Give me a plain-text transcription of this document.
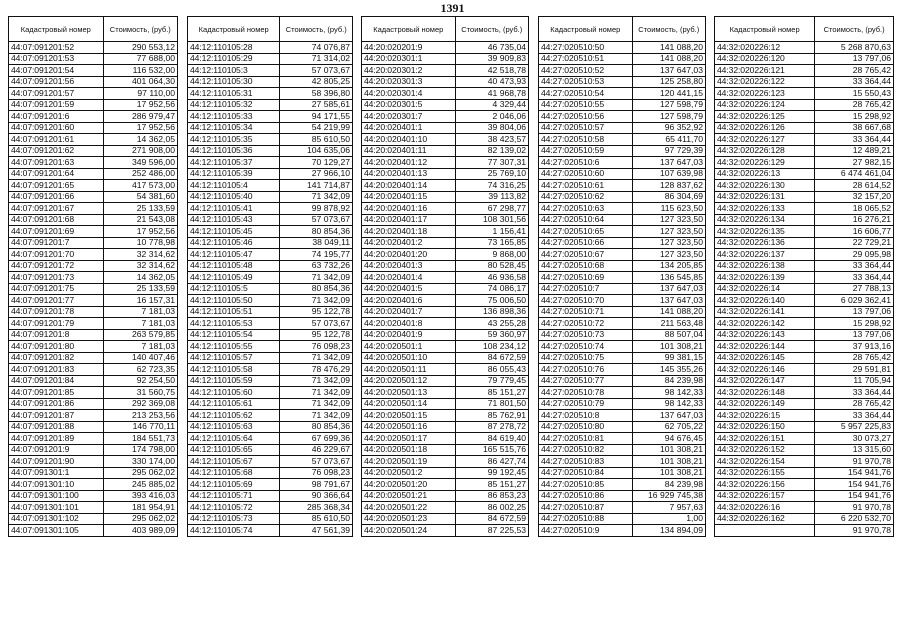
1391
Кадастровый номер	Стоимость, (руб.)
44:07:091201:52	290 553,12
44:07:091201:53	77 688,00
44:07:091201:54	116 532,00
44:07:091201:56	401 064,30
44:07:091201:57	97 110,00
44:07:091201:59	17 952,56
44:07:091201:6	286 979,47
44:07:091201:60	17 952,56
44:07:091201:61	14 362,05
44:07:091201:62	271 908,00
44:07:091201:63	349 596,00
44:07:091201:64	252 486,00
44:07:091201:65	417 573,00
44:07:091201:66	54 381,60
44:07:091201:67	25 133,59
44:07:091201:68	21 543,08
44:07:091201:69	17 952,56
44:07:091201:7	10 778,98
44:07:091201:70	32 314,62
44:07:091201:72	32 314,62
44:07:091201:73	14 362,05
44:07:091201:75	25 133,59
44:07:091201:77	16 157,31
44:07:091201:78	7 181,03
44:07:091201:79	7 181,03
44:07:091201:8	263 579,85
44:07:091201:80	7 181,03
44:07:091201:82	140 407,46
44:07:091201:83	62 723,35
44:07:091201:84	92 254,50
44:07:091201:85	31 560,75
44:07:091201:86	292 369,08
44:07:091201:87	213 253,56
44:07:091201:88	146 770,11
44:07:091201:89	184 551,73
44:07:091201:9	174 798,00
44:07:091201:90	330 174,00
44:07:091301:1	295 062,02
44:07:091301:10	245 885,02
44:07:091301:100	393 416,03
44:07:091301:101	181 954,91
44:07:091301:102	295 062,02
44:07:091301:105	403 989,09
Кадастровый номер	Стоимость, (руб.)
44:12:110105:28	74 076,87
44:12:110105:29	71 314,02
44:12:110105:3	57 073,67
44:12:110105:30	42 805,25
44:12:110105:31	58 396,80
44:12:110105:32	27 585,61
44:12:110105:33	94 171,55
44:12:110105:34	54 219,99
44:12:110105:35	85 610,50
44:12:110105:36	104 635,06
44:12:110105:37	70 129,27
44:12:110105:39	27 966,10
44:12:110105:4	141 714,87
44:12:110105:40	71 342,09
44:12:110105:41	99 878,92
44:12:110105:43	57 073,67
44:12:110105:45	80 854,36
44:12:110105:46	38 049,11
44:12:110105:47	74 195,77
44:12:110105:48	63 732,26
44:12:110105:49	71 342,09
44:12:110105:5	80 854,36
44:12:110105:50	71 342,09
44:12:110105:51	95 122,78
44:12:110105:53	57 073,67
44:12:110105:54	95 122,78
44:12:110105:55	76 098,23
44:12:110105:57	71 342,09
44:12:110105:58	78 476,29
44:12:110105:59	71 342,09
44:12:110105:60	71 342,09
44:12:110105:61	71 342,09
44:12:110105:62	71 342,09
44:12:110105:63	80 854,36
44:12:110105:64	67 699,36
44:12:110105:65	46 229,67
44:12:110105:67	57 073,67
44:12:110105:68	76 098,23
44:12:110105:69	98 791,67
44:12:110105:71	90 366,64
44:12:110105:72	285 368,34
44:12:110105:73	85 610,50
44:12:110105:74	47 561,39
Кадастровый номер	Стоимость, (руб.)
44:20:020201:9	46 735,04
44:20:020301:1	39 909,83
44:20:020301:2	42 518,78
44:20:020301:3	40 473,93
44:20:020301:4	41 968,78
44:20:020301:5	4 329,44
44:20:020301:7	2 046,06
44:20:020401:1	39 804,06
44:20:020401:10	38 423,57
44:20:020401:11	82 139,02
44:20:020401:12	77 307,31
44:20:020401:13	25 769,10
44:20:020401:14	74 316,25
44:20:020401:15	39 113,82
44:20:020401:16	67 298,77
44:20:020401:17	108 301,56
44:20:020401:18	1 156,41
44:20:020401:2	73 165,85
44:20:020401:20	9 868,00
44:20:020401:3	80 528,45
44:20:020401:4	46 936,58
44:20:020401:5	74 086,17
44:20:020401:6	75 006,50
44:20:020401:7	136 898,36
44:20:020401:8	43 255,28
44:20:020401:9	59 360,97
44:20:020501:1	108 234,12
44:20:020501:10	84 672,59
44:20:020501:11	86 055,43
44:20:020501:12	79 779,45
44:20:020501:13	85 151,27
44:20:020501:14	71 801,50
44:20:020501:15	85 762,91
44:20:020501:16	87 278,72
44:20:020501:17	84 619,40
44:20:020501:18	165 515,76
44:20:020501:19	86 427,74
44:20:020501:2	99 192,45
44:20:020501:20	85 151,27
44:20:020501:21	86 853,23
44:20:020501:22	86 002,25
44:20:020501:23	84 672,59
44:20:020501:24	87 225,53
Кадастровый номер	Стоимость, (руб.)
44:27:020510:50	141 088,20
44:27:020510:51	141 088,20
44:27:020510:52	137 647,03
44:27:020510:53	125 258,80
44:27:020510:54	120 441,15
44:27:020510:55	127 598,79
44:27:020510:56	127 598,79
44:27:020510:57	96 352,92
44:27:020510:58	65 411,70
44:27:020510:59	97 729,39
44:27:020510:6	137 647,03
44:27:020510:60	107 639,98
44:27:020510:61	128 837,62
44:27:020510:62	86 304,69
44:27:020510:63	115 623,50
44:27:020510:64	127 323,50
44:27:020510:65	127 323,50
44:27:020510:66	127 323,50
44:27:020510:67	127 323,50
44:27:020510:68	134 205,85
44:27:020510:69	136 545,85
44:27:020510:7	137 647,03
44:27:020510:70	137 647,03
44:27:020510:71	141 088,20
44:27:020510:72	211 563,48
44:27:020510:73	88 507,04
44:27:020510:74	101 308,21
44:27:020510:75	99 381,15
44:27:020510:76	145 355,26
44:27:020510:77	84 239,98
44:27:020510:78	98 142,33
44:27:020510:79	98 142,33
44:27:020510:8	137 647,03
44:27:020510:80	62 705,22
44:27:020510:81	94 676,45
44:27:020510:82	101 308,21
44:27:020510:83	101 308,21
44:27:020510:84	101 308,21
44:27:020510:85	84 239,98
44:27:020510:86	16 929 745,38
44:27:020510:87	7 957,63
44:27:020510:88	1,00
44:27:020510:9	134 894,09
Кадастровый номер	Стоимость, (руб.)
44:32:020226:12	5 268 870,63
44:32:020226:120	13 797,06
44:32:020226:121	28 765,42
44:32:020226:122	33 364,44
44:32:020226:123	15 550,43
44:32:020226:124	28 765,42
44:32:020226:125	15 298,92
44:32:020226:126	38 667,68
44:32:020226:127	33 364,44
44:32:020226:128	12 489,21
44:32:020226:129	27 982,15
44:32:020226:13	6 474 461,04
44:32:020226:130	28 614,52
44:32:020226:131	32 157,20
44:32:020226:133	18 065,52
44:32:020226:134	16 276,21
44:32:020226:135	16 606,77
44:32:020226:136	22 729,21
44:32:020226:137	29 095,98
44:32:020226:138	33 364,44
44:32:020226:139	33 364,44
44:32:020226:14	27 788,13
44:32:020226:140	6 029 362,41
44:32:020226:141	13 797,06
44:32:020226:142	15 298,92
44:32:020226:143	13 797,06
44:32:020226:144	37 913,16
44:32:020226:145	28 765,42
44:32:020226:146	29 591,81
44:32:020226:147	11 705,94
44:32:020226:148	33 364,44
44:32:020226:149	28 765,42
44:32:020226:15	33 364,44
44:32:020226:150	5 957 225,83
44:32:020226:151	30 073,27
44:32:020226:152	13 315,60
44:32:020226:154	91 970,78
44:32:020226:155	154 941,76
44:32:020226:156	154 941,76
44:32:020226:157	154 941,76
44:32:020226:16	91 970,78
44:32:020226:162	6 220 532,70
	91 970,78
